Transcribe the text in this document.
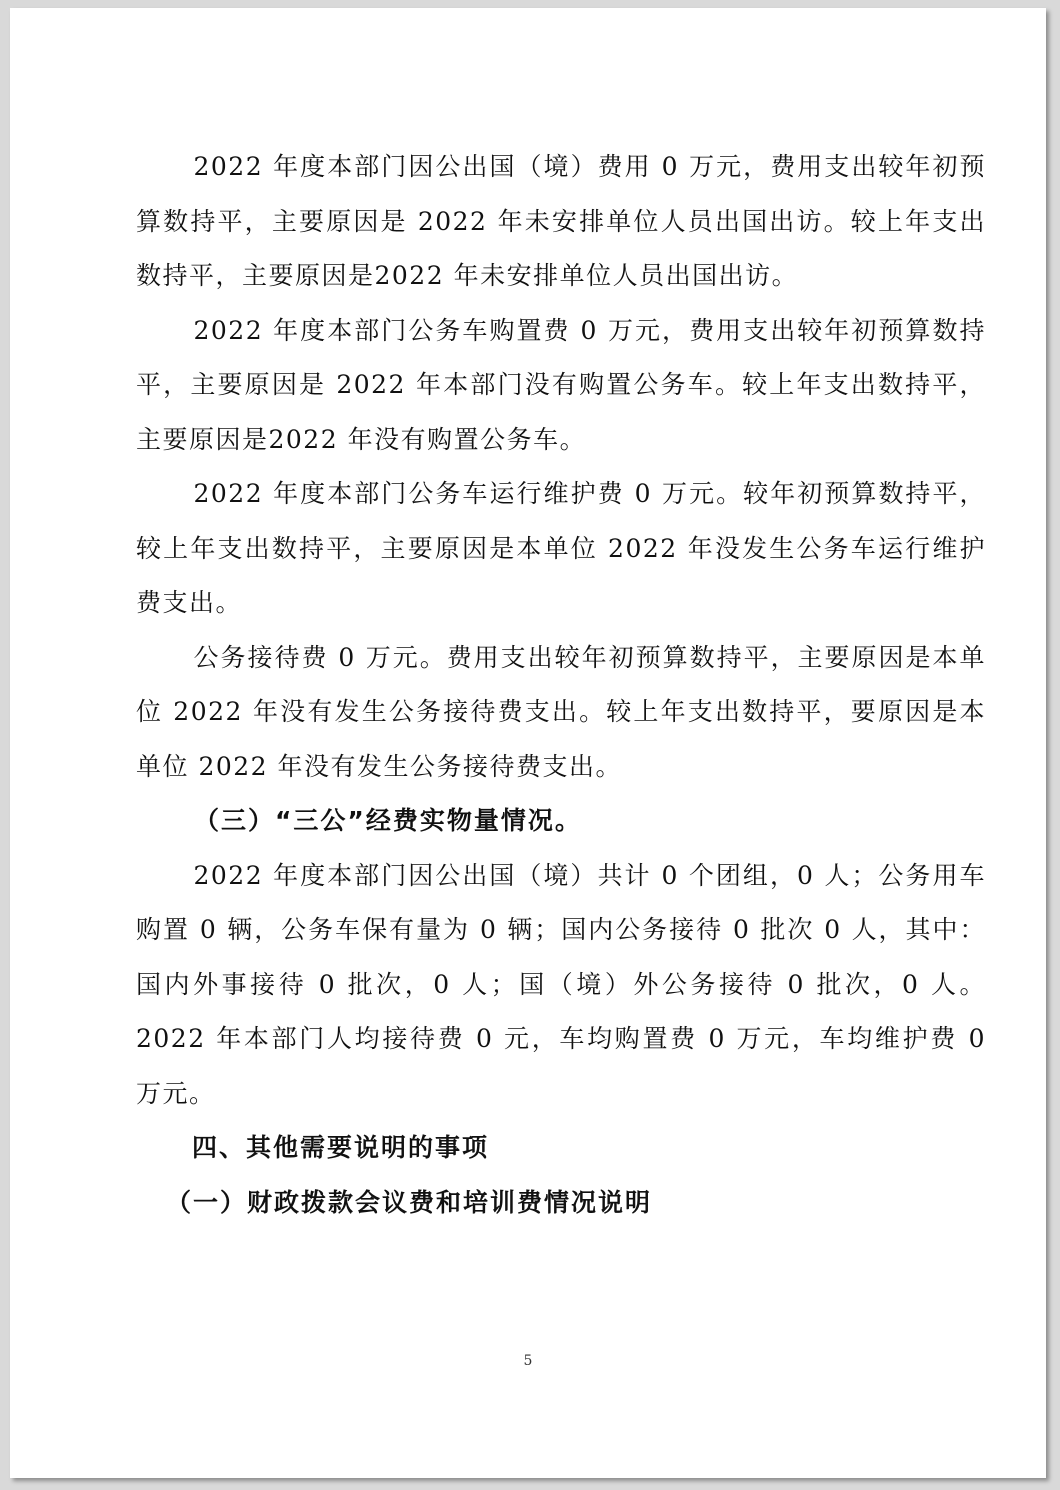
2022 年度本部门因公出国（境）费用 0 万元，费用支出较年初预算数持平，主要原因是 2022 年未安排单位人员出国出访。较上年支出数持平，主要原因是2022 年未安排单位人员出国出访。

2022 年度本部门公务车购置费 0 万元，费用支出较年初预算数持平，主要原因是 2022 年本部门没有购置公务车。较上年支出数持平，主要原因是2022 年没有购置公务车。

2022 年度本部门公务车运行维护费 0 万元。较年初预算数持平，较上年支出数持平，主要原因是本单位 2022 年没发生公务车运行维护费支出。

公务接待费 0 万元。费用支出较年初预算数持平，主要原因是本单位 2022 年没有发生公务接待费支出。较上年支出数持平，要原因是本单位 2022 年没有发生公务接待费支出。

（三）“三公”经费实物量情况。

2022 年度本部门因公出国（境）共计 0 个团组，0 人；公务用车购置 0 辆，公务车保有量为 0 辆；国内公务接待 0 批次 0 人，其中：国内外事接待 0 批次，0 人；国（境）外公务接待 0 批次，0 人。2022 年本部门人均接待费 0 元，车均购置费 0 万元，车均维护费 0 万元。

四、其他需要说明的事项

（一）财政拨款会议费和培训费情况说明

5
